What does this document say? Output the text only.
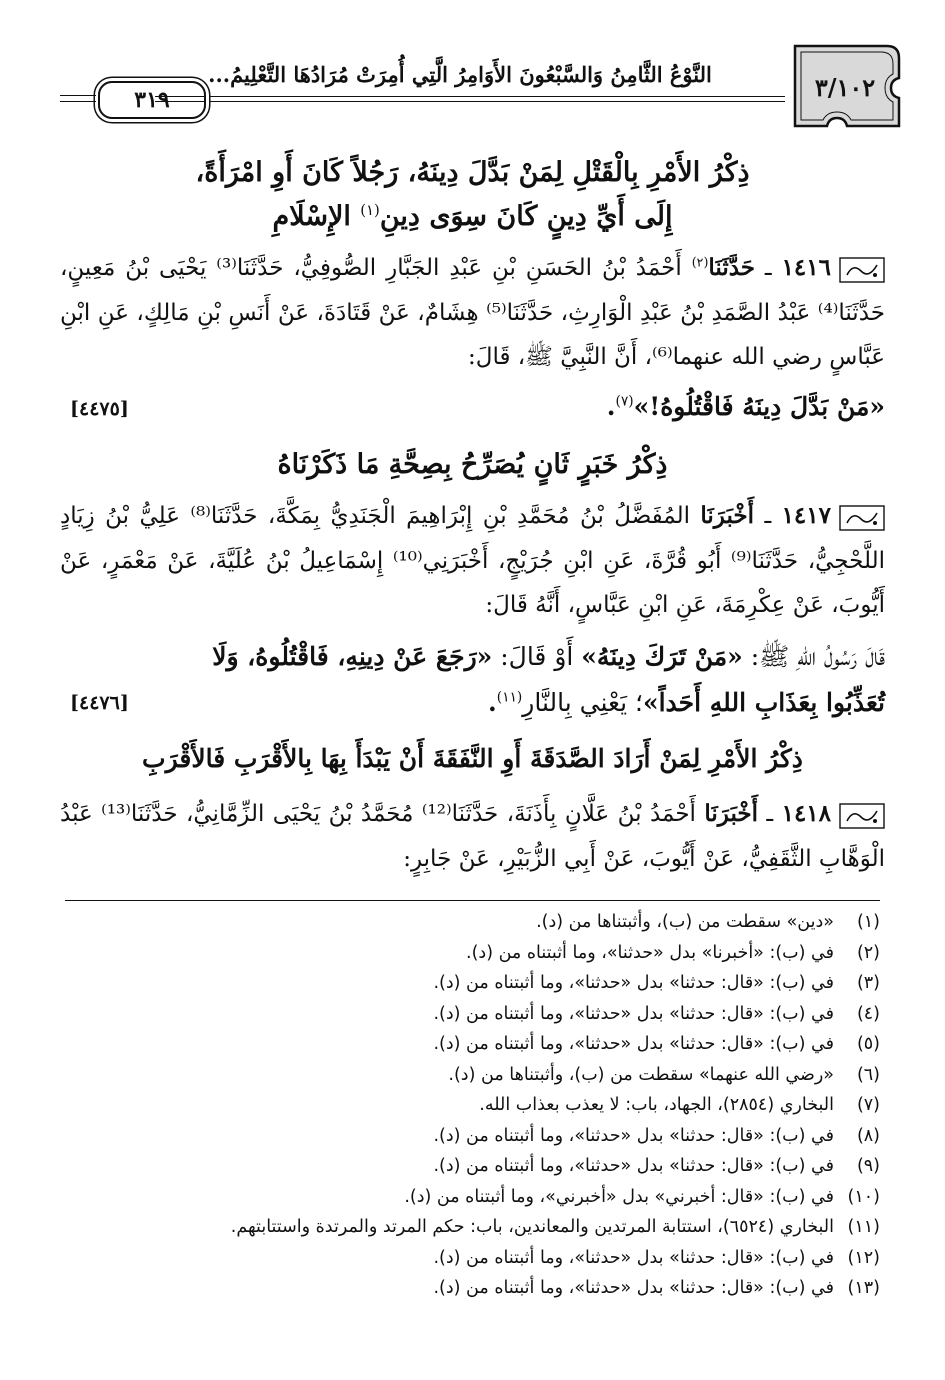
٣/١٠٢
النَّوْعُ الثَّامِنُ وَالسَّبْعُونَ الأَوَامِرُ الَّتِي أُمِرَتْ مُرَادُهَا التَّعْلِيمُ...
٣١٩
ذِكْرُ الأَمْرِ بِالْقَتْلِ لِمَنْ بَدَّلَ دِينَهُ، رَجُلاً كَانَ أَوِ امْرَأَةً،
إِلَى أَيِّ دِينٍ كَانَ سِوَى دِينِ$^{(١)}$ الإِسْلَامِ
١٤١٦ ـ حَدَّثَنَا$^{(٢)}$ أَحْمَدُ بْنُ الحَسَنِ بْنِ عَبْدِ الجَبَّارِ الصُّوفِيُّ، حَدَّثَنَا⁽³⁾ يَحْيَى بْنُ مَعِينٍ، حَدَّثَنَا⁽⁴⁾ عَبْدُ الصَّمَدِ بْنُ عَبْدِ الْوَارِثِ، حَدَّثَنَا⁽⁵⁾ هِشَامٌ، عَنْ قَتَادَةَ، عَنْ أَنَسِ بْنِ مَالِكٍ، عَنِ ابْنِ عَبَّاسٍ رضي الله عنهما⁽⁶⁾، أَنَّ النَّبِيَّ ﷺ، قَالَ:
«مَنْ بَدَّلَ دِينَهُ فَاقْتُلُوهُ!»$^{(٧)}$.
[٤٤٧٥]
ذِكْرُ خَبَرٍ ثَانٍ يُصَرِّحُ بِصِحَّةِ مَا ذَكَرْنَاهُ
١٤١٧ ـ أَخْبَرَنَا المُفَضَّلُ بْنُ مُحَمَّدِ بْنِ إِبْرَاهِيمَ الْجَنَدِيُّ بِمَكَّةَ، حَدَّثَنَا⁽⁸⁾ عَلِيُّ بْنُ زِيَادٍ اللَّحْجِيُّ، حَدَّثَنَا⁽⁹⁾ أَبُو قُرَّةَ، عَنِ ابْنِ جُرَيْجٍ، أَخْبَرَنِي⁽¹⁰⁾ إِسْمَاعِيلُ بْنُ عُلَيَّةَ، عَنْ مَعْمَرٍ، عَنْ أَيُّوبَ، عَنْ عِكْرِمَةَ، عَنِ ابْنِ عَبَّاسٍ، أَنَّهُ قَالَ:
قَالَ رَسُولُ اللهِ ﷺ: «مَنْ تَرَكَ دِينَهُ» أَوْ قَالَ: «رَجَعَ عَنْ دِينِهِ، فَاقْتُلُوهُ، وَلَا
تُعَذِّبُوا بِعَذَابِ اللهِ أَحَداً»؛ يَعْنِي بِالنَّارِ$^{(١١)}$.
[٤٤٧٦]
ذِكْرُ الأَمْرِ لِمَنْ أَرَادَ الصَّدَقَةَ أَوِ النَّفَقَةَ أَنْ يَبْدَأَ بِهَا بِالأَقْرَبِ فَالأَقْرَبِ
١٤١٨ ـ أَخْبَرَنَا أَحْمَدُ بْنُ عَلَّانٍ بِأَذَنَةَ، حَدَّثَنَا⁽¹²⁾ مُحَمَّدُ بْنُ يَحْيَى الزِّمَّانِيُّ، حَدَّثَنَا⁽¹³⁾ عَبْدُ الْوَهَّابِ الثَّقَفِيُّ، عَنْ أَيُّوبَ، عَنْ أَبِي الزُّبَيْرِ، عَنْ جَابِرٍ:
(١)«دين» سقطت من (ب)، وأثبتناها من (د).
(٢)في (ب): «أخبرنا» بدل «حدثنا»، وما أثبتناه من (د).
(٣)في (ب): «قال: حدثنا» بدل «حدثنا»، وما أثبتناه من (د).
(٤)في (ب): «قال: حدثنا» بدل «حدثنا»، وما أثبتناه من (د).
(٥)في (ب): «قال: حدثنا» بدل «حدثنا»، وما أثبتناه من (د).
(٦)«رضي الله عنهما» سقطت من (ب)، وأثبتناها من (د).
(٧)البخاري (٢٨٥٤)، الجهاد، باب: لا يعذب بعذاب الله.
(٨)في (ب): «قال: حدثنا» بدل «حدثنا»، وما أثبتناه من (د).
(٩)في (ب): «قال: حدثنا» بدل «حدثنا»، وما أثبتناه من (د).
(١٠)في (ب): «قال: أخبرني» بدل «أخبرني»، وما أثبتناه من (د).
(١١)البخاري (٦٥٢٤)، استتابة المرتدين والمعاندين، باب: حكم المرتد والمرتدة واستتابتهم.
(١٢)في (ب): «قال: حدثنا» بدل «حدثنا»، وما أثبتناه من (د).
(١٣)في (ب): «قال: حدثنا» بدل «حدثنا»، وما أثبتناه من (د).
